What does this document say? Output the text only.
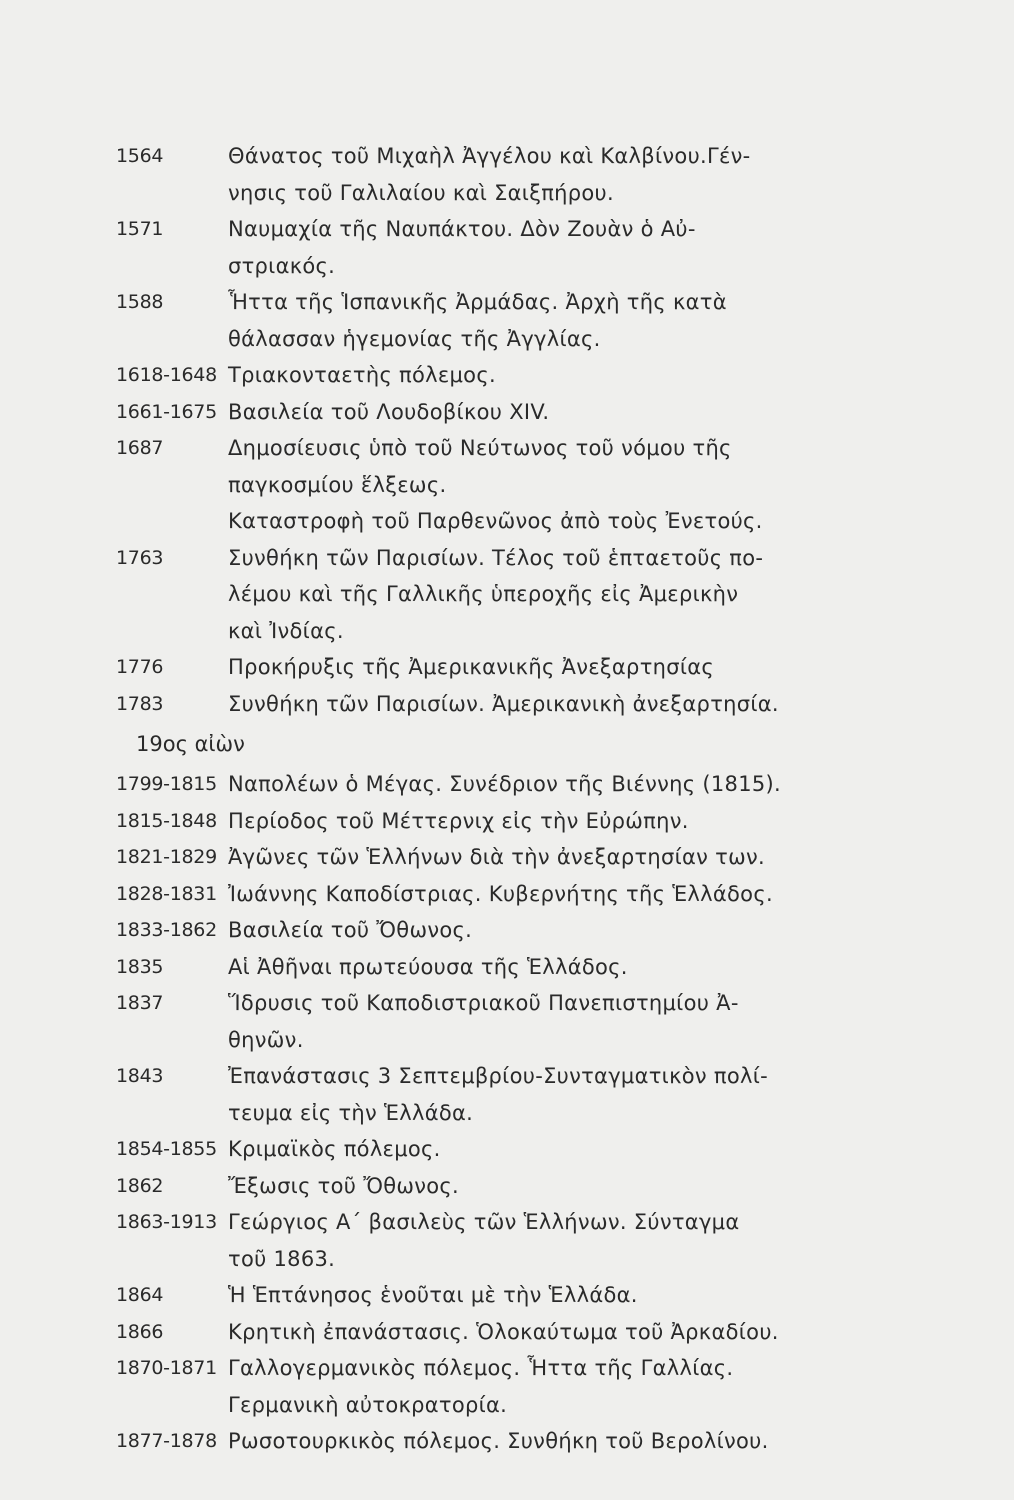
1564	Θάνατος τοῦ Μιχαὴλ Ἀγγέλου καὶ Καλβίνου.Γέν-
νησις τοῦ Γαλιλαίου καὶ Σαιξπήρου.
1571	Ναυμαχία τῆς Ναυπάκτου. Δὸν Ζουὰν ὁ Αὐ-
στριακός.
1588	Ἧττα τῆς Ἱσπανικῆς Ἀρμάδας. Ἀρχὴ τῆς κατὰ
θάλασσαν ἡγεμονίας τῆς Ἀγγλίας.
1618-1648 Τριακονταετὴς πόλεμος.
1661-1675 Βασιλεία τοῦ Λουδοβίκου XIV.
1687	Δημοσίευσις ὑπὸ τοῦ Νεύτωνος τοῦ νόμου τῆς
παγκοσμίου ἕλξεως.
Καταστροφὴ τοῦ Παρθενῶνος ἀπὸ τοὺς Ἐνετούς.
1763	Συνθήκη τῶν Παρισίων. Τέλος τοῦ ἑπταετοῦς πο-
λέμου καὶ τῆς Γαλλικῆς ὑπεροχῆς εἰς Ἀμερικὴν
καὶ Ἰνδίας.
1776	Προκήρυξις τῆς Ἀμερικανικῆς Ἀνεξαρτησίας
1783	Συνθήκη τῶν Παρισίων. Ἀμερικανικὴ ἀνεξαρτησία.
19ος αἰὼν
1799-1815 Ναπολέων ὁ Μέγας. Συνέδριον τῆς Βιέννης (1815).
1815-1848 Περίοδος τοῦ Μέττερνιχ εἰς τὴν Εὐρώπην.
1821-1829 Ἀγῶνες τῶν Ἑλλήνων διὰ τὴν ἀνεξαρτησίαν των.
1828-1831 Ἰωάννης Καποδίστριας. Κυβερνήτης τῆς Ἑλλάδος.
1833-1862 Βασιλεία τοῦ Ὄθωνος.
1835	Αἱ Ἀθῆναι πρωτεύουσα τῆς Ἑλλάδος.
1837	Ἵδρυσις τοῦ Καποδιστριακοῦ Πανεπιστημίου Ἀ-
θηνῶν.
1843	Ἐπανάστασις 3 Σεπτεμβρίου-Συνταγματικὸν πολί-
τευμα εἰς τὴν Ἑλλάδα.
1854-1855 Κριμαϊκὸς πόλεμος.
1862	Ἔξωσις τοῦ Ὄθωνος.
1863-1913 Γεώργιος Α΄ βασιλεὺς τῶν Ἑλλήνων. Σύνταγμα
τοῦ 1863.
1864	Ἡ Ἑπτάνησος ἑνοῦται μὲ τὴν Ἑλλάδα.
1866	Κρητικὴ ἐπανάστασις. Ὁλοκαύτωμα τοῦ Ἀρκαδίου.
1870-1871 Γαλλογερμανικὸς πόλεμος. Ἧττα τῆς Γαλλίας.
Γερμανικὴ αὐτοκρατορία.
1877-1878 Ρωσοτουρκικὸς πόλεμος. Συνθήκη τοῦ Βερολίνου.
